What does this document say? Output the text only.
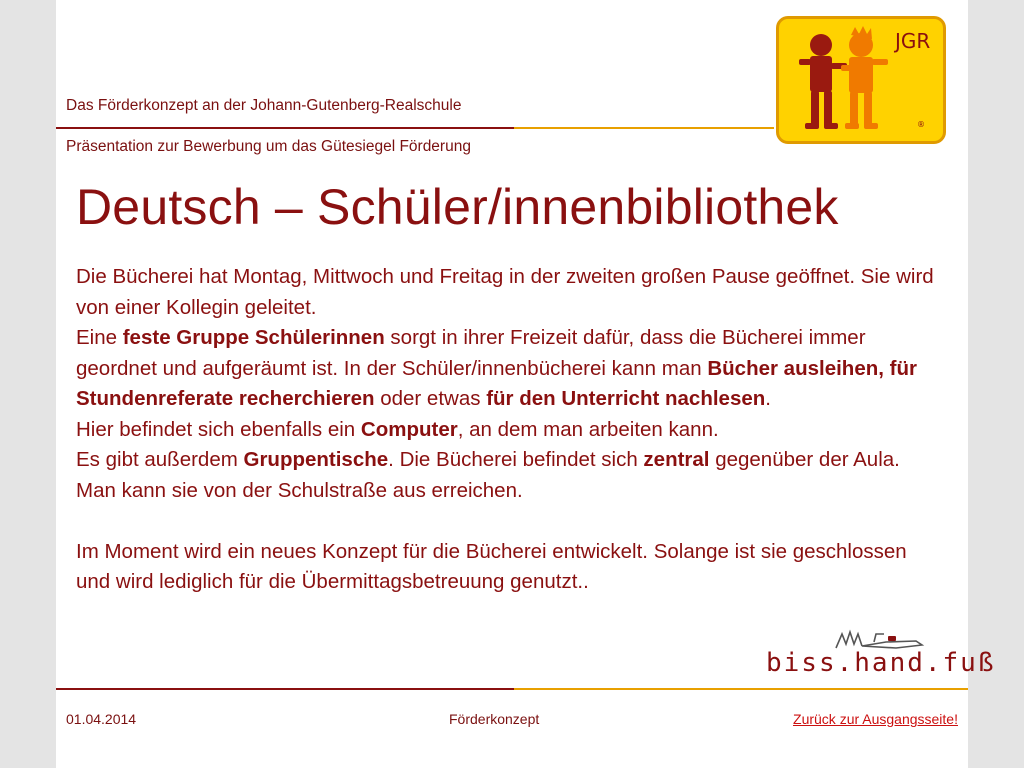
Das Förderkonzept an der Johann-Gutenberg-Realschule
Präsentation zur Bewerbung um das Gütesiegel Förderung
®
JGR
Deutsch – Schüler/innenbibliothek

Die Bücherei hat Montag, Mittwoch und Freitag in der zweiten großen Pause geöffnet. Sie wird von einer Kollegin geleitet.

Eine feste Gruppe Schülerinnen sorgt in ihrer Freizeit dafür, dass die Bücherei immer geordnet und aufgeräumt ist. In der Schüler/innenbücherei kann man Bücher ausleihen, für Stundenreferate recherchieren oder etwas für den Unterricht nachlesen.

Hier befindet sich ebenfalls ein Computer, an dem man arbeiten kann.

Es gibt außerdem Gruppentische. Die Bücherei befindet sich zentral gegenüber der Aula. Man kann sie von der Schulstraße aus erreichen.

Im Moment wird ein neues Konzept für die Bücherei entwickelt. Solange ist sie geschlossen und wird lediglich für die Übermittagsbetreuung genutzt..

biss.hand.fuß
01.04.2014	Förderkonzept	Zurück zur Ausgangsseite!
